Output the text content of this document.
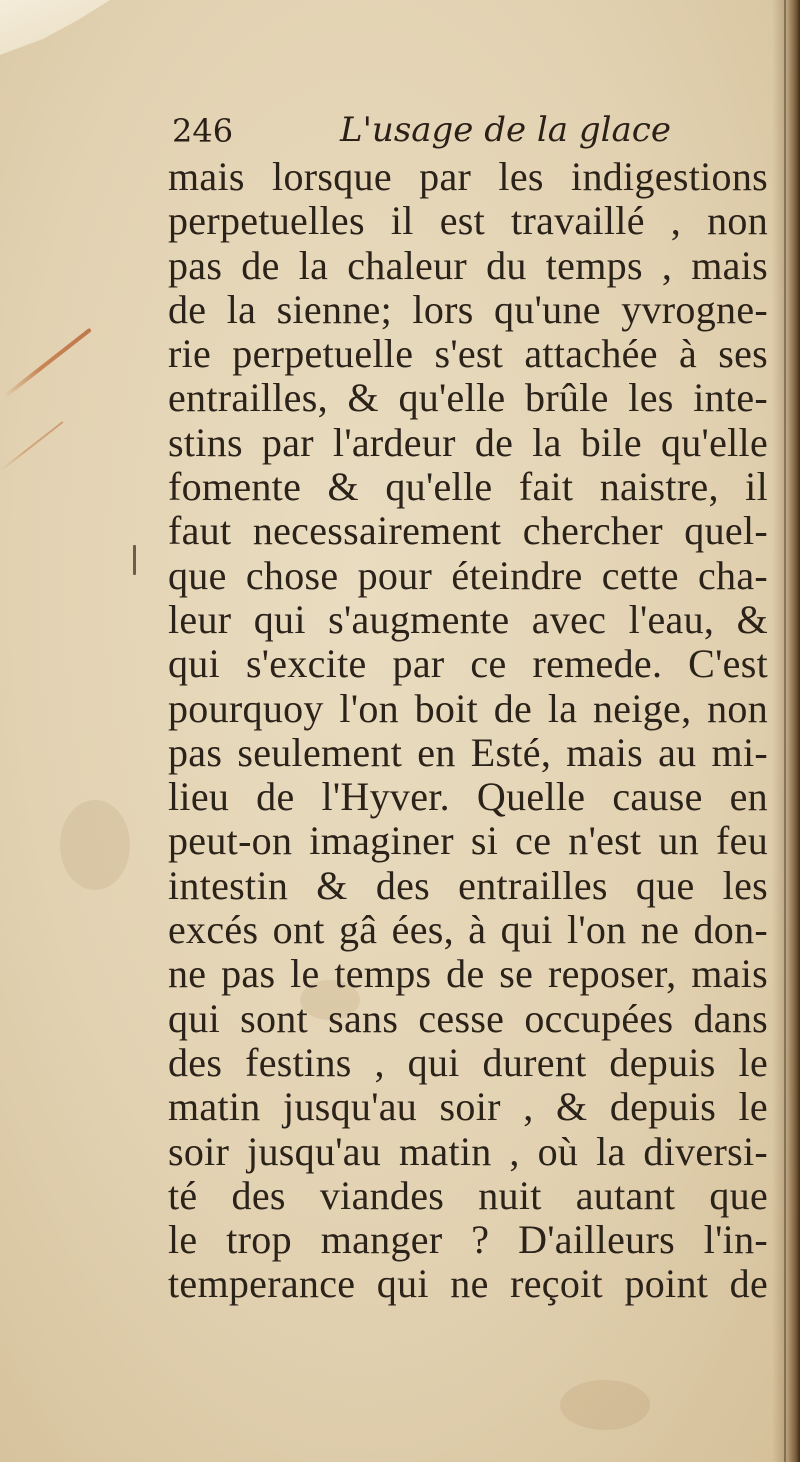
246	L'usage de la glace
mais lorsque par les indigestions
perpetuelles il est travaillé , non
pas de la chaleur du temps , mais
de la sienne; lors qu'une yvrogne-
rie perpetuelle s'est attachée à ses
entrailles, & qu'elle brûle les inte-
stins par l'ardeur de la bile qu'elle
fomente & qu'elle fait naistre, il
faut necessairement chercher quel-
que chose pour éteindre cette cha-
leur qui s'augmente avec l'eau, &
qui s'excite par ce remede. C'est
pourquoy l'on boit de la neige, non
pas seulement en Esté, mais au mi-
lieu de l'Hyver. Quelle cause en
peut-on imaginer si ce n'est un feu
intestin & des entrailles que les
excés ont gâ ées, à qui l'on ne don-
ne pas le temps de se reposer, mais
qui sont sans cesse occupées dans
des festins , qui durent depuis le
matin jusqu'au soir , & depuis le
soir jusqu'au matin , où la diversi-
té des viandes nuit autant que
le trop manger ? D'ailleurs l'in-
temperance qui ne reçoit point de
